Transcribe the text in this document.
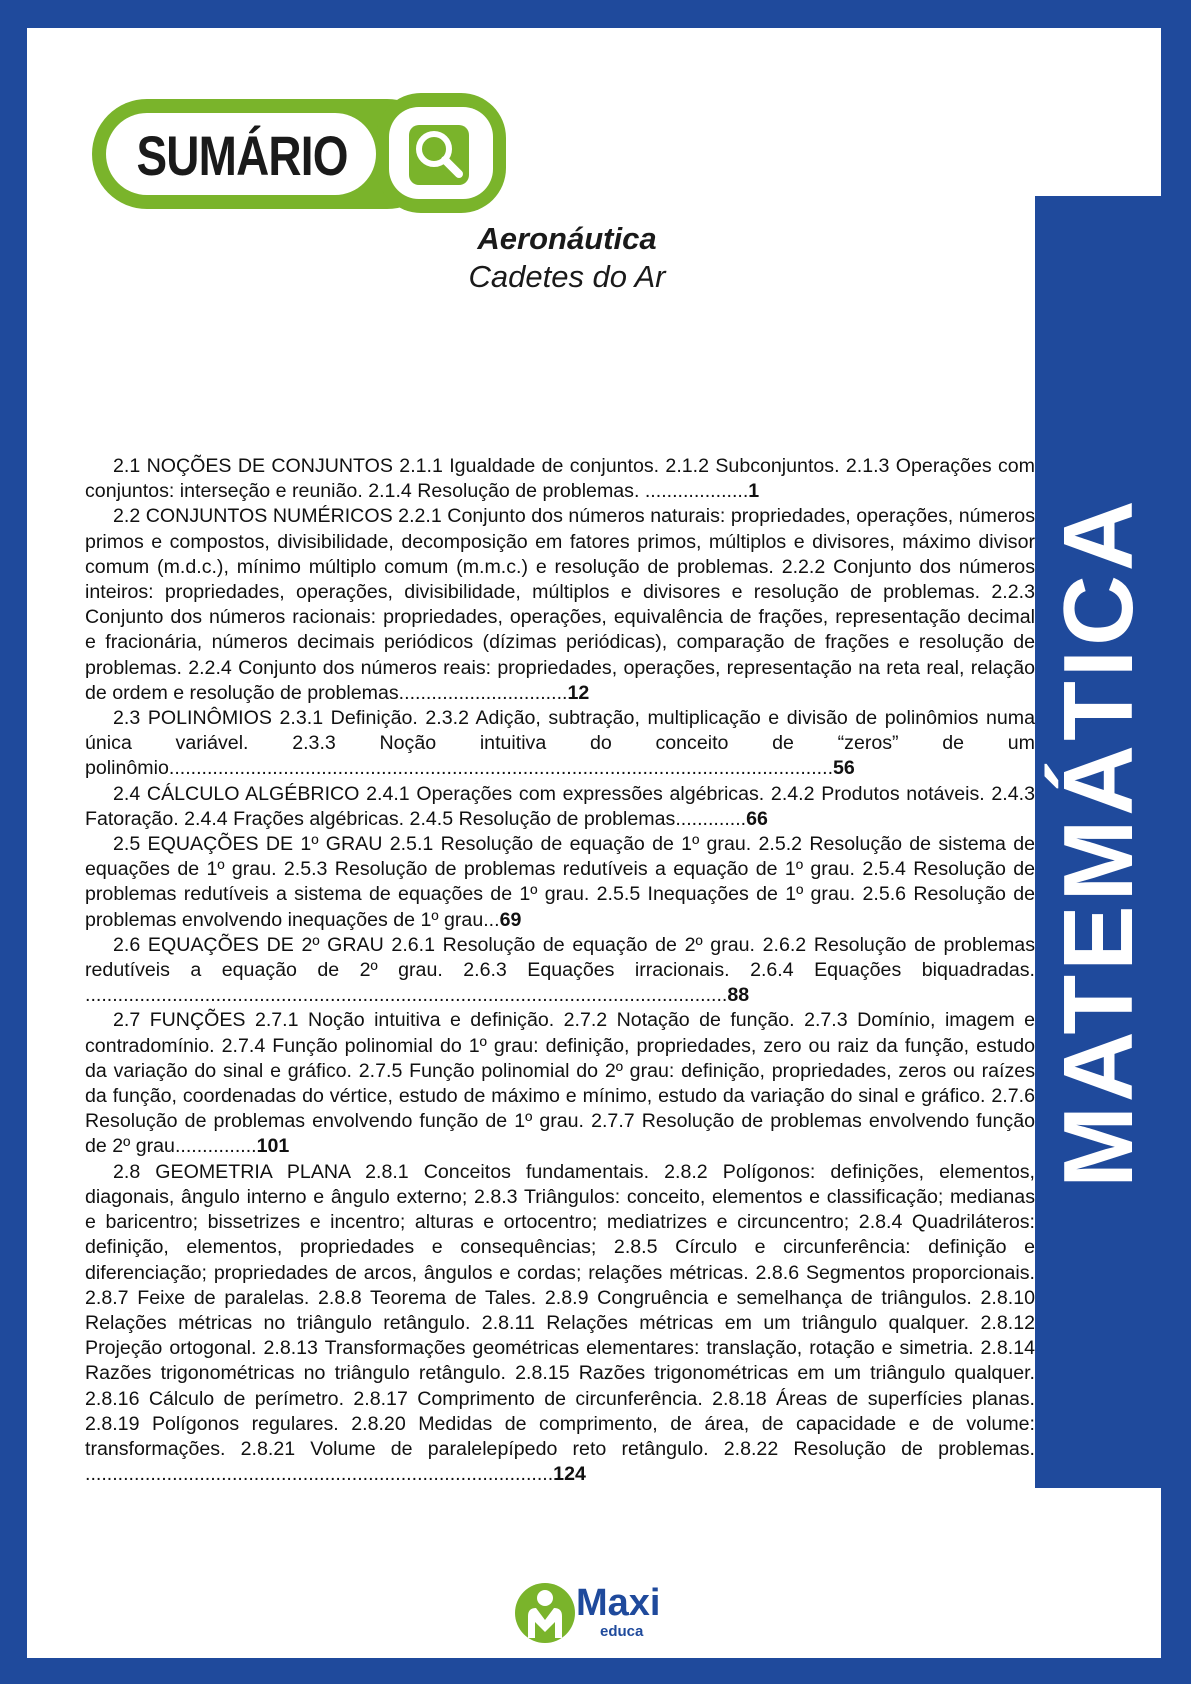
SUMÁRIO
Aeronáutica
Cadetes do Ar
Matemática

2.1 NOÇÕES DE CONJUNTOS 2.1.1 Igualdade de conjuntos. 2.1.2 Subconjuntos. 2.1.3 Operações com conjuntos: interseção e reunião. 2.1.4 Resolução de problemas. ...................1

2.2 CONJUNTOS NUMÉRICOS 2.2.1 Conjunto dos números naturais: propriedades, operações, números primos e compostos, divisibilidade, decomposição em fatores primos, múltiplos e divisores, máximo divisor comum (m.d.c.), mínimo múltiplo comum (m.m.c.) e resolução de problemas. 2.2.2 Conjunto dos números inteiros: propriedades, operações, divisibilidade, múltiplos e divisores e resolução de problemas. 2.2.3 Conjunto dos números racionais: propriedades, operações, equivalência de frações, representação decimal e fracionária, números decimais periódicos (dízimas periódicas), comparação de frações e resolução de problemas. 2.2.4 Conjunto dos números reais: propriedades, operações, representação na reta real, relação de ordem e resolução de problemas...............................12

2.3 POLINÔMIOS 2.3.1 Definição. 2.3.2 Adição, subtração, multiplicação e divisão de polinômios numa única variável. 2.3.3 Noção intuitiva do conceito de “zeros” de um polinômio..........................................................................................................................56

2.4 CÁLCULO ALGÉBRICO 2.4.1 Operações com expressões algébricas. 2.4.2 Produtos notáveis. 2.4.3 Fatoração. 2.4.4 Frações algébricas. 2.4.5 Resolução de problemas.............66

2.5 EQUAÇÕES DE 1º GRAU 2.5.1 Resolução de equação de 1º grau. 2.5.2 Resolução de sistema de equações de 1º grau. 2.5.3 Resolução de problemas redutíveis a equação de 1º grau. 2.5.4 Resolução de problemas redutíveis a sistema de equações de 1º grau. 2.5.5 Inequações de 1º grau. 2.5.6 Resolução de problemas envolvendo inequações de 1º grau...69

2.6 EQUAÇÕES DE 2º GRAU 2.6.1 Resolução de equação de 2º grau. 2.6.2 Resolução de problemas redutíveis a equação de 2º grau. 2.6.3 Equações irracionais. 2.6.4 Equações biquadradas. ......................................................................................................................88

2.7 FUNÇÕES 2.7.1 Noção intuitiva e definição. 2.7.2 Notação de função. 2.7.3 Domínio, imagem e contradomínio. 2.7.4 Função polinomial do 1º grau: definição, propriedades, zero ou raiz da função, estudo da variação do sinal e gráfico. 2.7.5 Função polinomial do 2º grau: definição, propriedades, zeros ou raízes da função, coordenadas do vértice, estudo de máximo e mínimo, estudo da variação do sinal e gráfico. 2.7.6 Resolução de problemas envolvendo função de 1º grau. 2.7.7 Resolução de problemas envolvendo função de 2º grau...............101

2.8 GEOMETRIA PLANA 2.8.1 Conceitos fundamentais. 2.8.2 Polígonos: definições, elementos, diagonais, ângulo interno e ângulo externo; 2.8.3 Triângulos: conceito, elementos e classificação; medianas e baricentro; bissetrizes e incentro; alturas e ortocentro; mediatrizes e circuncentro; 2.8.4 Quadriláteros: definição, elementos, propriedades e consequências; 2.8.5 Círculo e circunferência: definição e diferenciação; propriedades de arcos, ângulos e cordas; relações métricas. 2.8.6 Segmentos proporcionais. 2.8.7 Feixe de paralelas. 2.8.8 Teorema de Tales. 2.8.9 Congruência e semelhança de triângulos. 2.8.10 Relações métricas no triângulo retângulo. 2.8.11 Relações métricas em um triângulo qualquer. 2.8.12 Projeção ortogonal. 2.8.13 Transformações geométricas elementares: translação, rotação e simetria. 2.8.14 Razões trigonométricas no triângulo retângulo. 2.8.15 Razões trigonométricas em um triângulo qualquer. 2.8.16 Cálculo de perímetro. 2.8.17 Comprimento de circunferência. 2.8.18 Áreas de superfícies planas. 2.8.19 Polígonos regulares. 2.8.20 Medidas de comprimento, de área, de capacidade e de volume: transformações. 2.8.21 Volume de paralelepípedo reto retângulo. 2.8.22 Resolução de problemas. ......................................................................................124

Maxi
educa
MATEMÁTICA
